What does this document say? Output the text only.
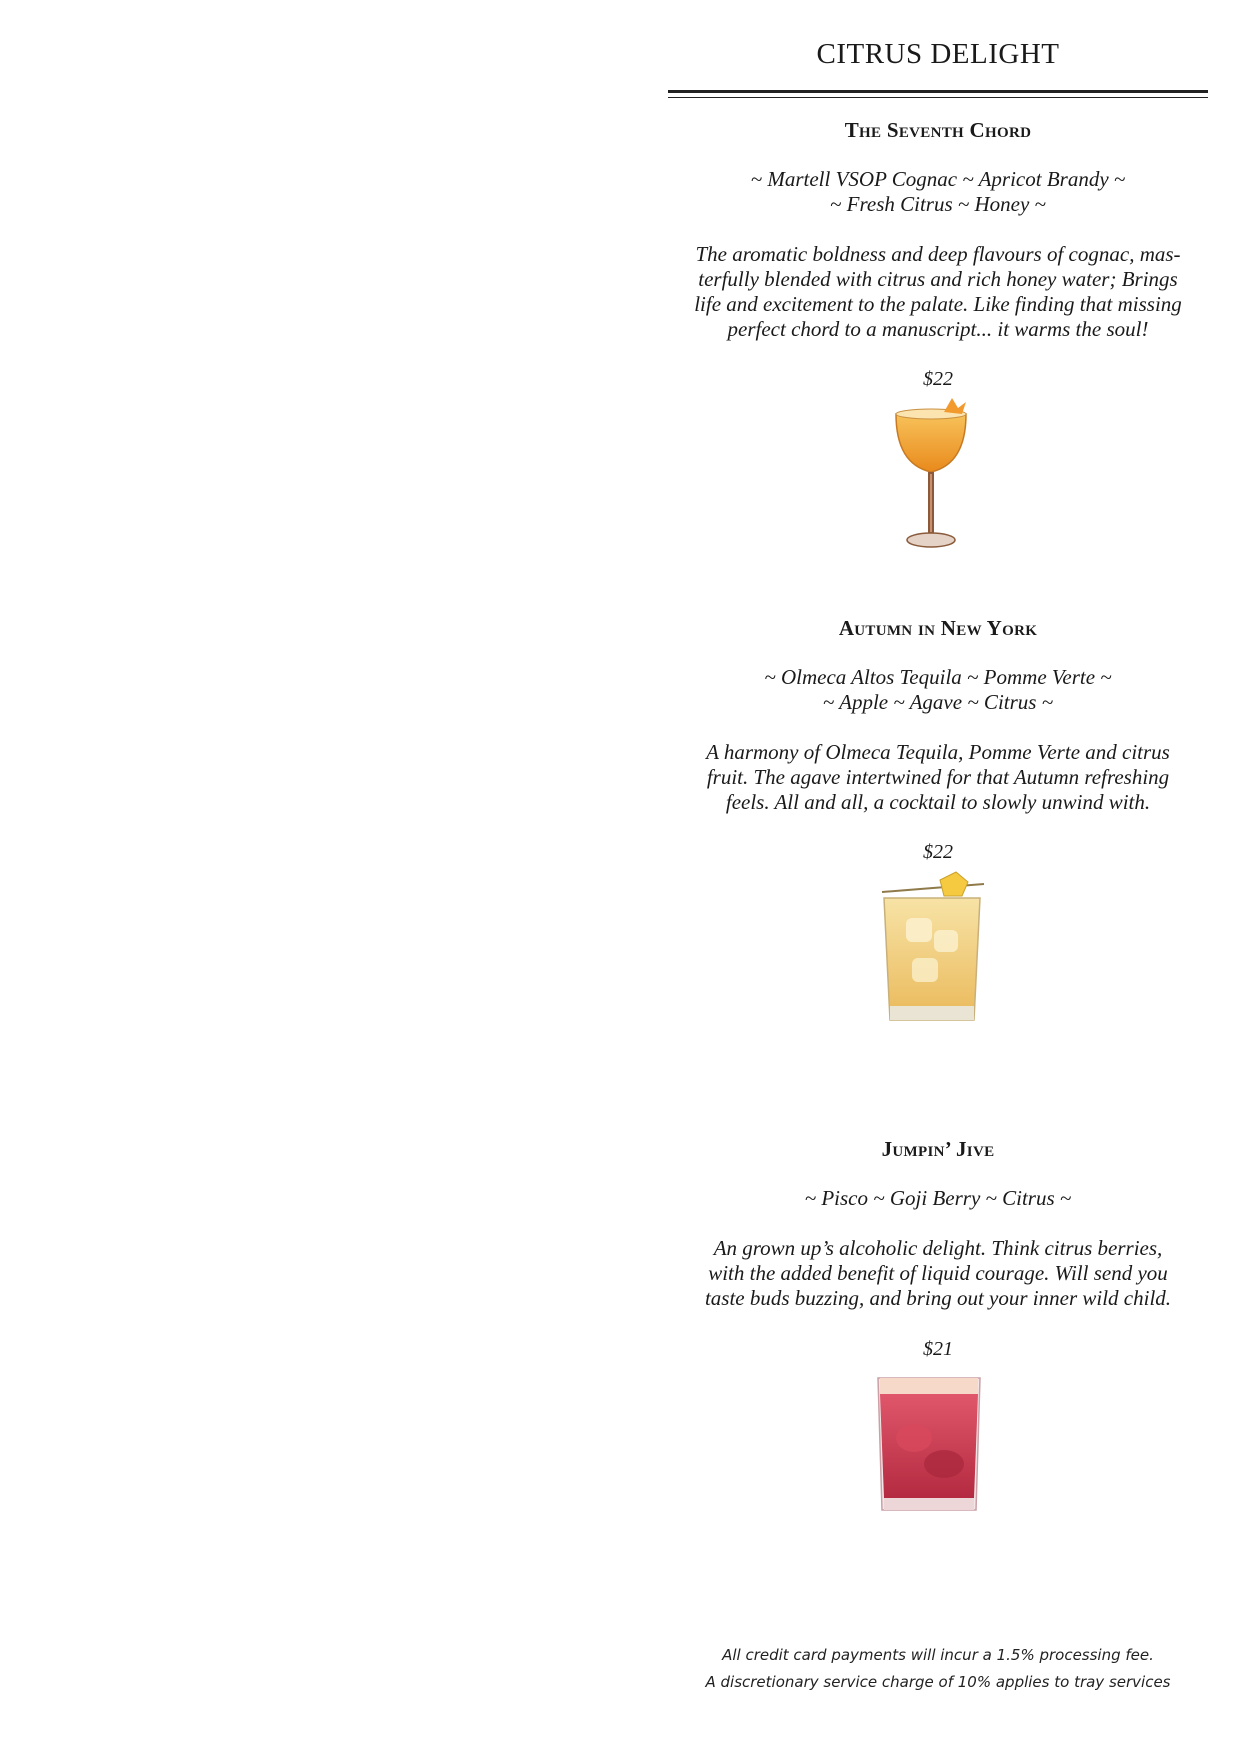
CITRUS DELIGHT
The Seventh Chord
~ Martell VSOP Cognac ~ Apricot Brandy ~
~ Fresh Citrus ~ Honey ~
The aromatic boldness and deep flavours of cognac, mas-
terfully blended with citrus and rich honey water; Brings
life and excitement to the palate. Like finding that missing
perfect chord to a manuscript... it warms the soul!
$22
Autumn in New York
~ Olmeca Altos Tequila ~ Pomme Verte ~
~ Apple ~ Agave ~ Citrus ~
A harmony of Olmeca Tequila, Pomme Verte and citrus
fruit. The agave intertwined for that Autumn refreshing
feels. All and all, a cocktail to slowly unwind with.
$22
Jumpin’ Jive
~ Pisco ~ Goji Berry ~ Citrus ~
An grown up’s alcoholic delight. Think citrus berries,
with the added benefit of liquid courage. Will send you
taste buds buzzing, and bring out your inner wild child.
$21
All credit card payments will incur a 1.5% processing fee.
A discretionary service charge of 10% applies to tray services
